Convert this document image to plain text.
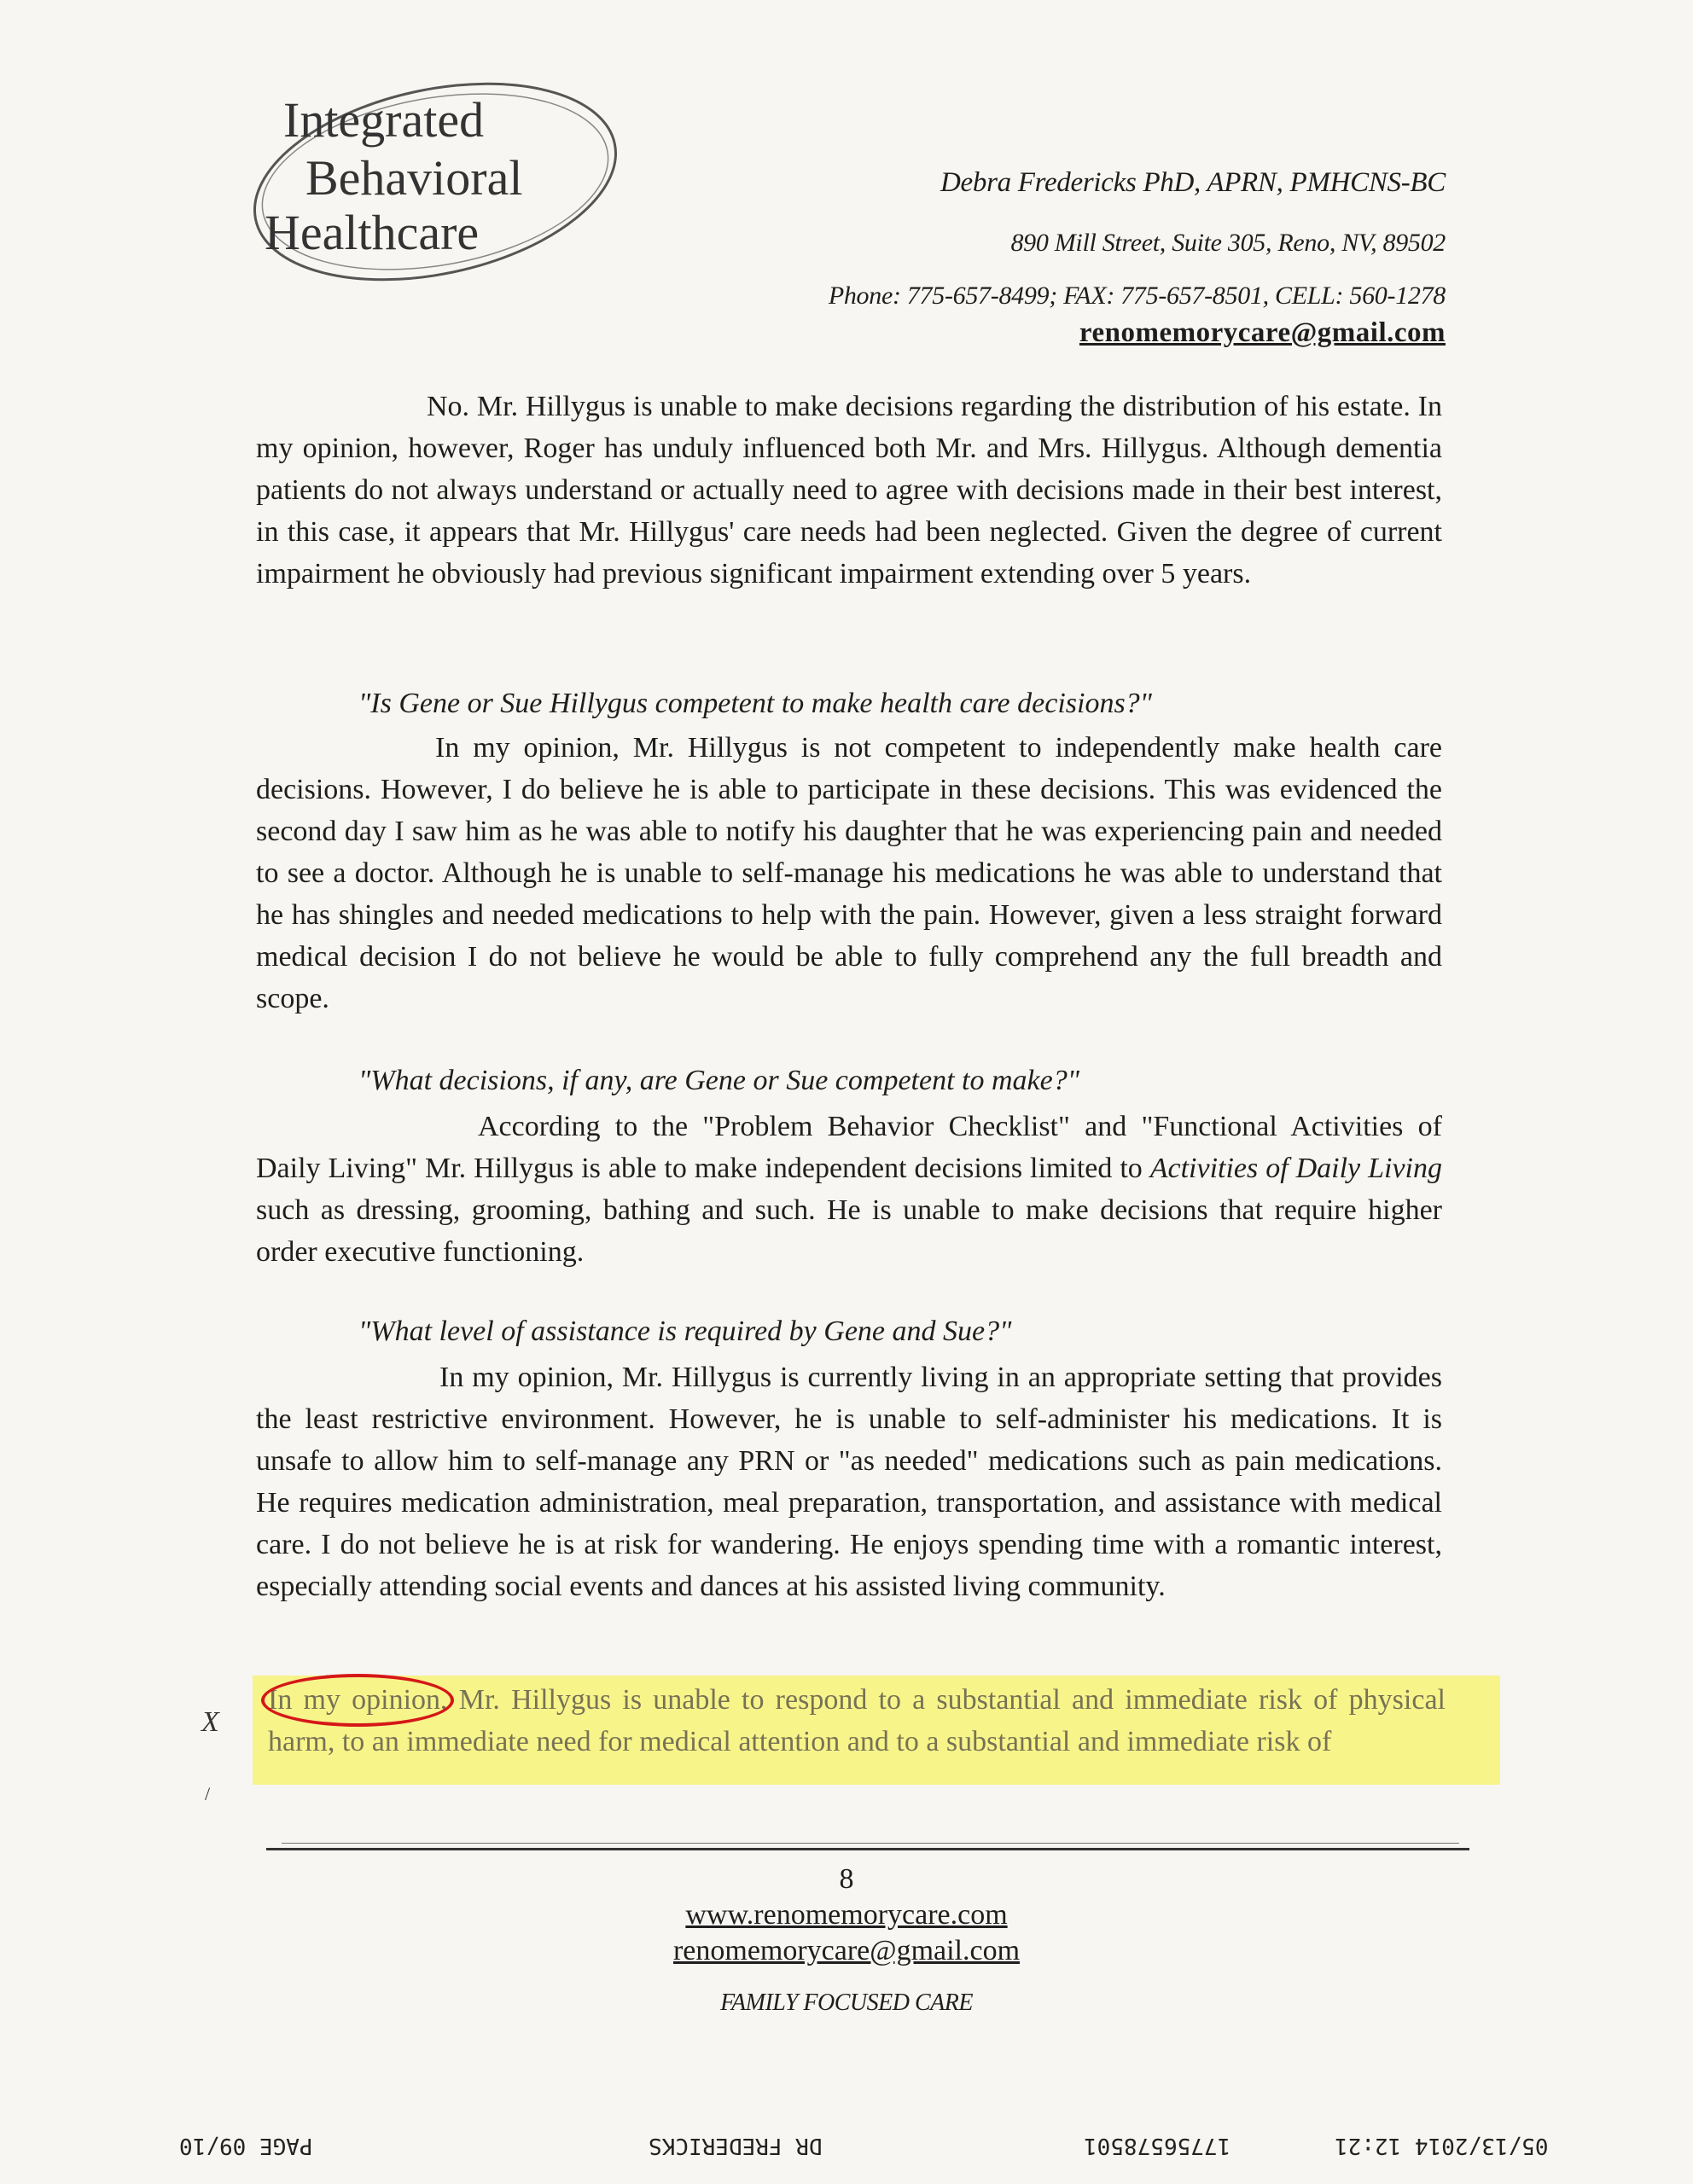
Integrated
Behavioral
Healthcare
Debra Fredericks PhD, APRN, PMHCNS-BC
890 Mill Street, Suite 305, Reno, NV, 89502
Phone: 775-657-8499; FAX: 775-657-8501, CELL: 560-1278
renomemorycare@gmail.com
No. Mr. Hillygus is unable to make decisions regarding the distribution of his estate. In my opinion, however, Roger has unduly influenced both Mr. and Mrs. Hillygus. Although dementia patients do not always understand or actually need to agree with decisions made in their best interest, in this case, it appears that Mr. Hillygus' care needs had been neglected. Given the degree of current impairment he obviously had previous significant impairment extending over 5 years.
"Is Gene or Sue Hillygus competent to make health care decisions?"
In my opinion, Mr. Hillygus is not competent to independently make health care decisions. However, I do believe he is able to participate in these decisions. This was evidenced the second day I saw him as he was able to notify his daughter that he was experiencing pain and needed to see a doctor. Although he is unable to self-manage his medications he was able to understand that he has shingles and needed medications to help with the pain. However, given a less straight forward medical decision I do not believe he would be able to fully comprehend any the full breadth and scope.
"What decisions, if any, are Gene or Sue competent to make?"
According to the "Problem Behavior Checklist" and "Functional Activities of Daily Living" Mr. Hillygus is able to make independent decisions limited to Activities of Daily Living such as dressing, grooming, bathing and such. He is unable to make decisions that require higher order executive functioning.
"What level of assistance is required by Gene and Sue?"
In my opinion, Mr. Hillygus is currently living in an appropriate setting that provides the least restrictive environment. However, he is unable to self-administer his medications. It is unsafe to allow him to self-manage any PRN or "as needed" medications such as pain medications. He requires medication administration, meal preparation, transportation, and assistance with medical care. I do not believe he is at risk for wandering. He enjoys spending time with a romantic interest, especially attending social events and dances at his assisted living community.
In my opinion, Mr. Hillygus is unable to respond to a substantial and immediate risk of physical harm, to an immediate need for medical attention and to a substantial and immediate risk of
X
/
8
www.renomemorycare.com
renomemorycare@gmail.com
FAMILY FOCUSED CARE
05/13/2014 12:21
17756578501
DR FREDERICKS
PAGE 09/10
